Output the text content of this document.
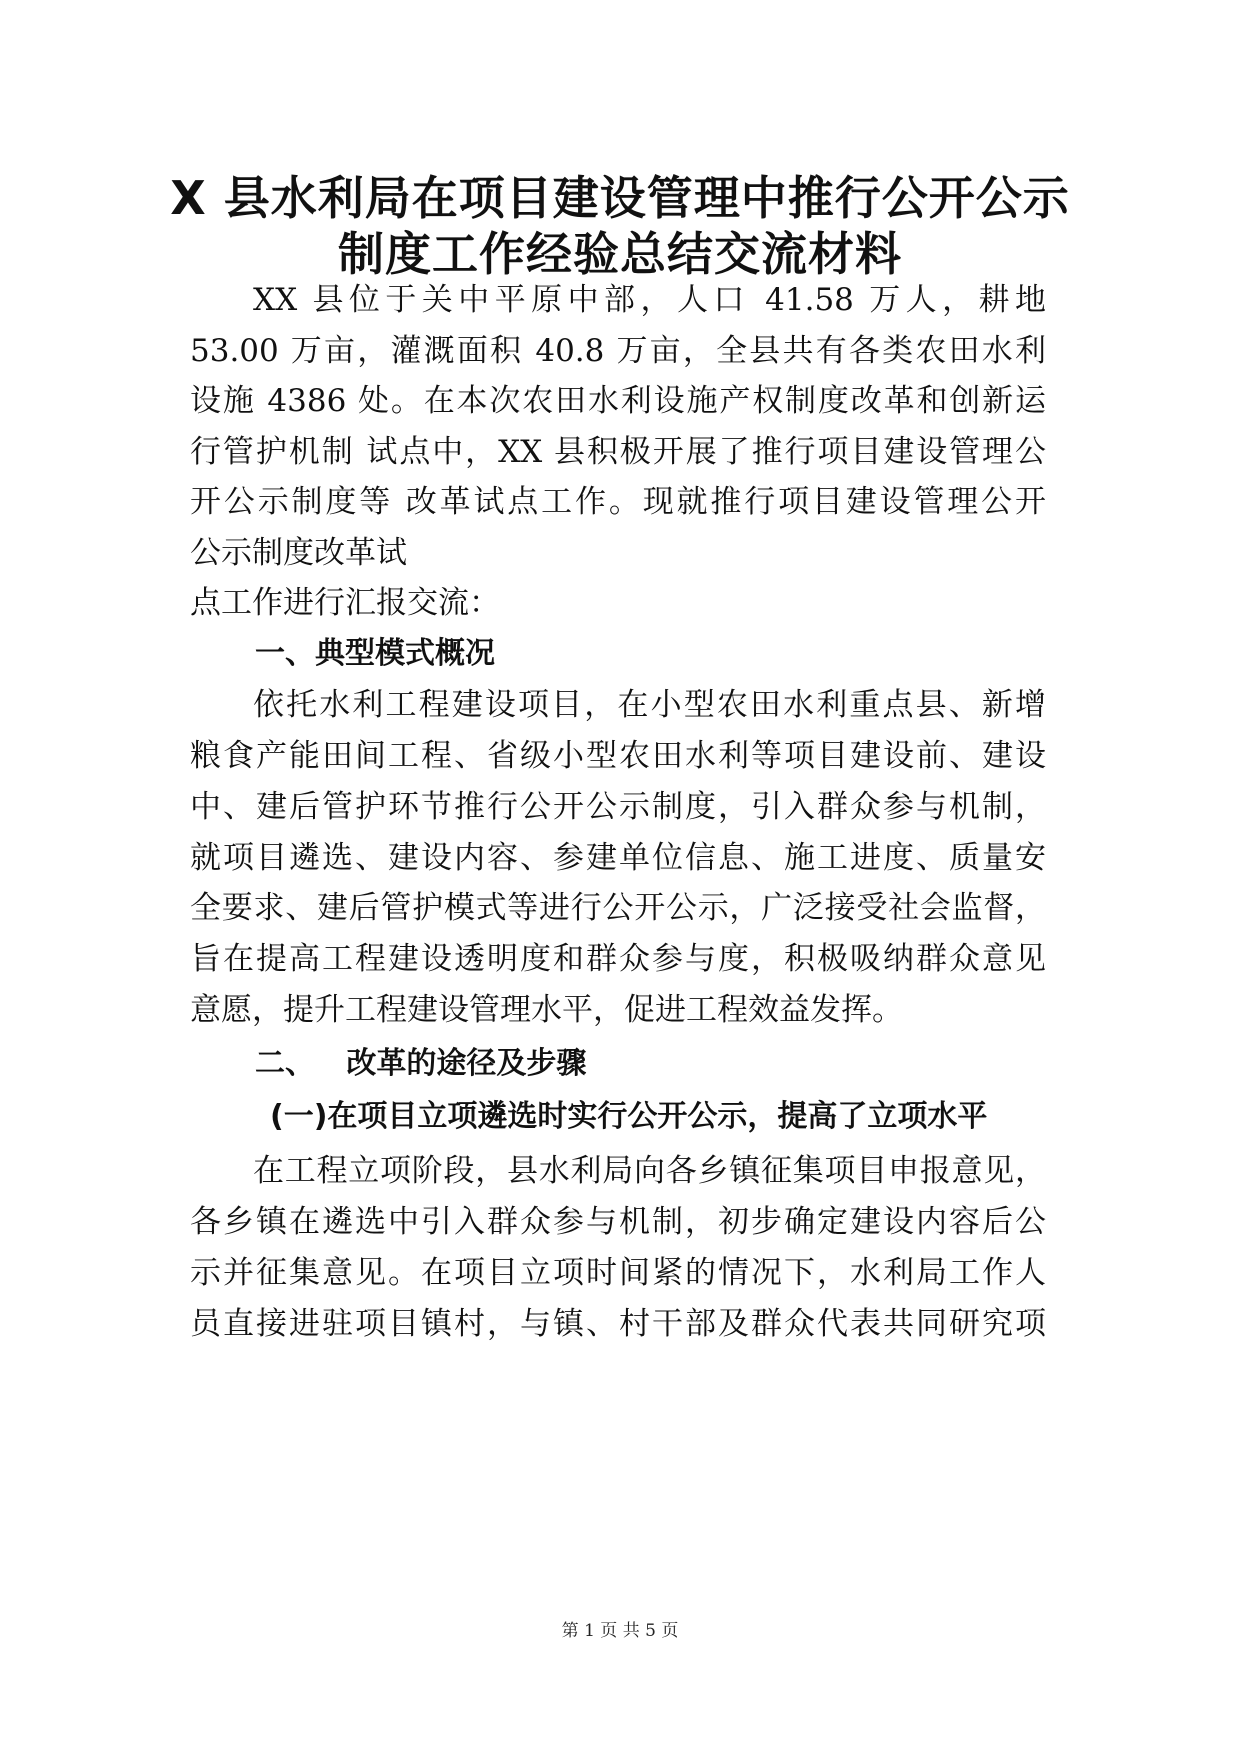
X 县水利局在项目建设管理中推行公开公示
制度工作经验总结交流材料
XX 县位于关中平原中部，人口 41.58 万人，耕地
53.00 万亩，灌溉面积 40.8 万亩，全县共有各类农田水利
设施 4386 处。在本次农田水利设施产权制度改革和创新运
行管护机制 试点中，XX 县积极开展了推行项目建设管理公
开公示制度等 改革试点工作。现就推行项目建设管理公开
公示制度改革试
点工作进行汇报交流：
一、典型模式概况
依托水利工程建设项目，在小型农田水利重点县、新增
粮食产能田间工程、省级小型农田水利等项目建设前、建设
中、建后管护环节推行公开公示制度，引入群众参与机制，
就项目遴选、建设内容、参建单位信息、施工进度、质量安
全要求、建后管护模式等进行公开公示，广泛接受社会监督，
旨在提高工程建设透明度和群众参与度，积极吸纳群众意见
意愿，提升工程建设管理水平，促进工程效益发挥。
二、   改革的途径及步骤
(一)在项目立项遴选时实行公开公示，提高了立项水平
在工程立项阶段，县水利局向各乡镇征集项目申报意见，
各乡镇在遴选中引入群众参与机制，初步确定建设内容后公
示并征集意见。在项目立项时间紧的情况下，水利局工作人
员直接进驻项目镇村，与镇、村干部及群众代表共同研究项
第 1 页 共 5 页
